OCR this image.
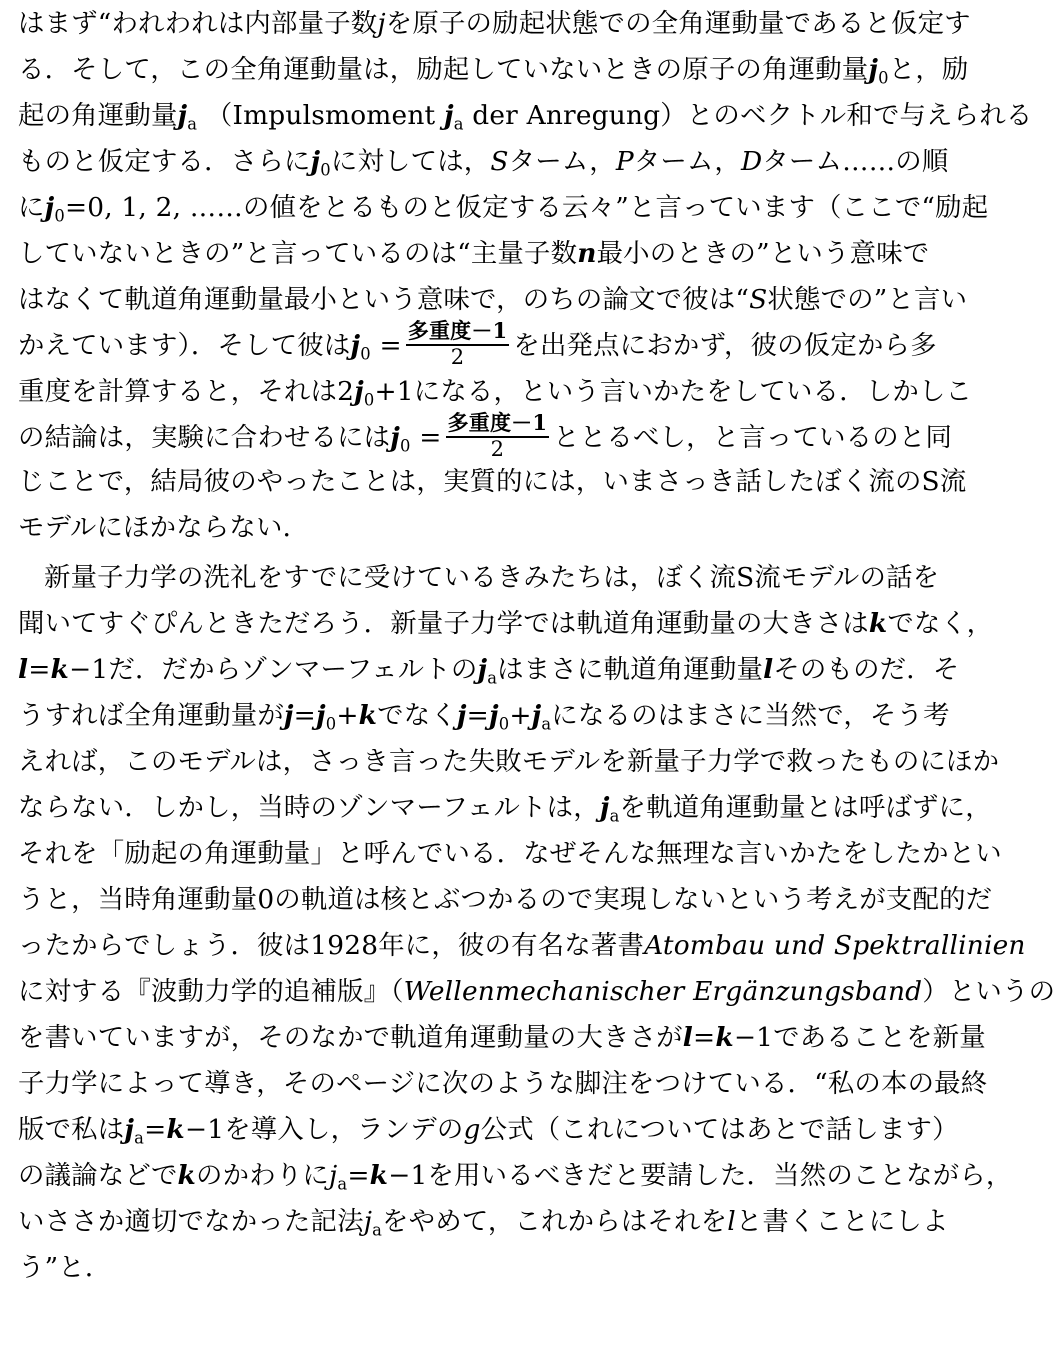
はまず“われわれは内部量子数jを原子の励起状態での全角運動量であると仮定す
る．そして，この全角運動量は，励起していないときの原子の角運動量$j_0$と，励
起の角運動量$j_a$ （Impulsmoment $j_a$ der Anregung）とのベクトル和で与えられる
ものと仮定する．さらに$j_0$に対しては，Sターム，Pターム，Dターム……の順
に$j_0=0$, 1, 2, ……の値をとるものと仮定する云々”と言っています（ここで“励起
していないときの”と言っているのは“主量子数n最小のときの”という意味で
はなくて軌道角運動量最小という意味で，のちの論文で彼は“S状態での”と言い
かえています）．そして彼は$j_0 = \frac{\text{多重度－1}}{2}$ を出発点におかず，彼の仮定から多
重度を計算すると，それは$2j_0+1$になる，という言いかたをしている．しかしこ
の結論は，実験に合わせるには$j_0 = \frac{\text{多重度－1}}{2}$ ととるべし，と言っているのと同
じことで，結局彼のやったことは，実質的には，いまさっき話したぼく流のS流
モデルにほかならない．
新量子力学の洗礼をすでに受けているきみたちは，ぼく流S流モデルの話を
聞いてすぐぴんときただろう．新量子力学では軌道角運動量の大きさはkでなく，
l=k−1だ．だからゾンマーフェルトの$j_a$はまさに軌道角運動量lそのものだ．そ
うすれば全角運動量が$j=j_0+k$でなく$j=j_0+j_a$になるのはまさに当然で，そう考
えれば，このモデルは，さっき言った失敗モデルを新量子力学で救ったものにほか
ならない．しかし，当時のゾンマーフェルトは，$j_a$を軌道角運動量とは呼ばずに，
それを「励起の角運動量」と呼んでいる．なぜそんな無理な言いかたをしたかとい
うと，当時角運動量0の軌道は核とぶつかるので実現しないという考えが支配的だ
ったからでしょう．彼は1928年に，彼の有名な著書Atombau und Spektrallinien
に対する『波動力学的追補版』（Wellenmechanischer Ergänzungsband）というの
を書いていますが，そのなかで軌道角運動量の大きさがl=k−1であることを新量
子力学によって導き，そのページに次のような脚注をつけている．“私の本の最終
版で私は$j_a=k-1$を導入し，ランデのg公式（これについてはあとで話します）
の議論などでkのかわりに$j_a=k-1$を用いるべきだと要請した．当然のことながら，
いささか適切でなかった記法$j_a$をやめて，これからはそれをlと書くことにしよ
う”と．
